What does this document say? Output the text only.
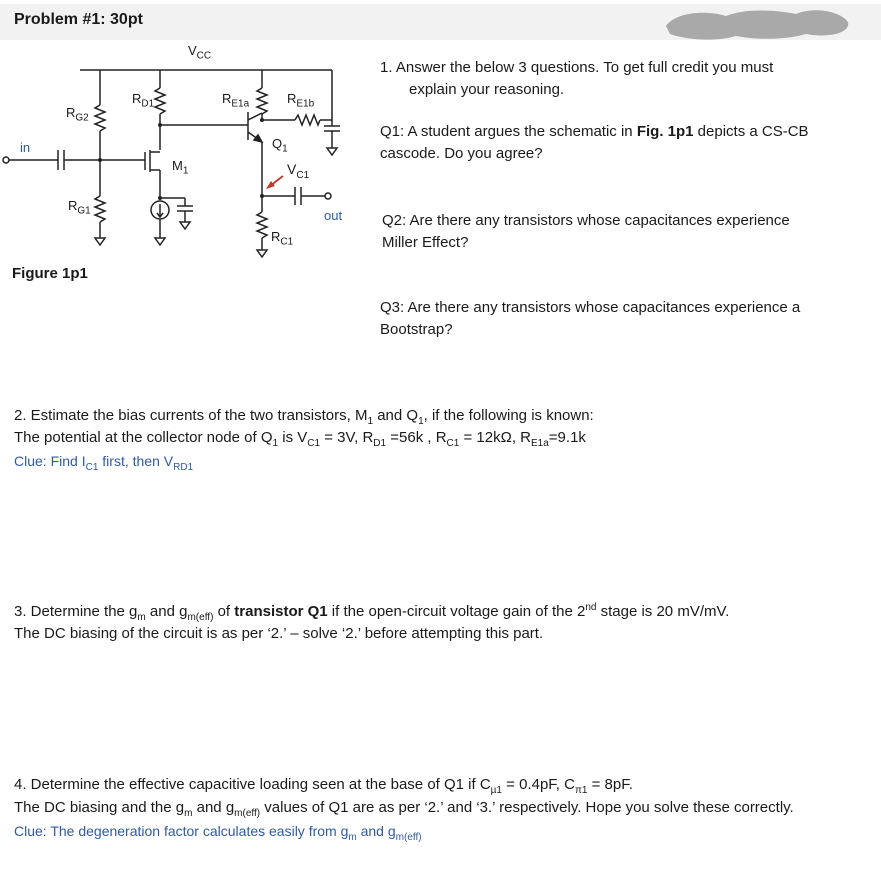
Problem #1: 30pt
$V_{CC}$
in
$R_{G2}$
$R_{G1}$
$R_{D1}$	$R_{E1a}$	$R_{E1b}$
$Q_1$
$M_1$	$V_{C1}$
out
$R_{C1}$
Figure 1p1
1. Answer the below 3 questions. To get full credit you must
explain your reasoning.
Q1: A student argues the schematic in Fig. 1p1 depicts a CS-CB
cascode. Do you agree?
Q2: Are there any transistors whose capacitances experience
Miller Effect?
Q3: Are there any transistors whose capacitances experience a
Bootstrap?
2. Estimate the bias currents of the two transistors, $M_1$ and $Q_1$, if the following is known:
The potential at the collector node of $Q_1$ is $V_{C1} = 3V$, $R_{D1} =56k$ , $R_{C1} = 12k\Omega$, $R_{E1a}=9.1k$
Clue: Find $I_{C1}$ first, then $V_{RD1}$
3. Determine the $g_m$ and $g_{m(eff)}$ of transistor Q1 if the open-circuit voltage gain of the 2nd stage is 20 mV/mV.
The DC biasing of the circuit is as per ‘2.’ – solve ‘2.’ before attempting this part.
4. Determine the effective capacitive loading seen at the base of Q1 if $C_{\mu 1} = 0.4pF$, $C_{\pi 1} = 8pF$.
The DC biasing and the $g_m$ and $g_{m(eff)}$ values of Q1 are as per ‘2.’ and ‘3.’ respectively. Hope you solve these correctly.
Clue: The degeneration factor calculates easily from $g_m$ and $g_{m(eff)}$
